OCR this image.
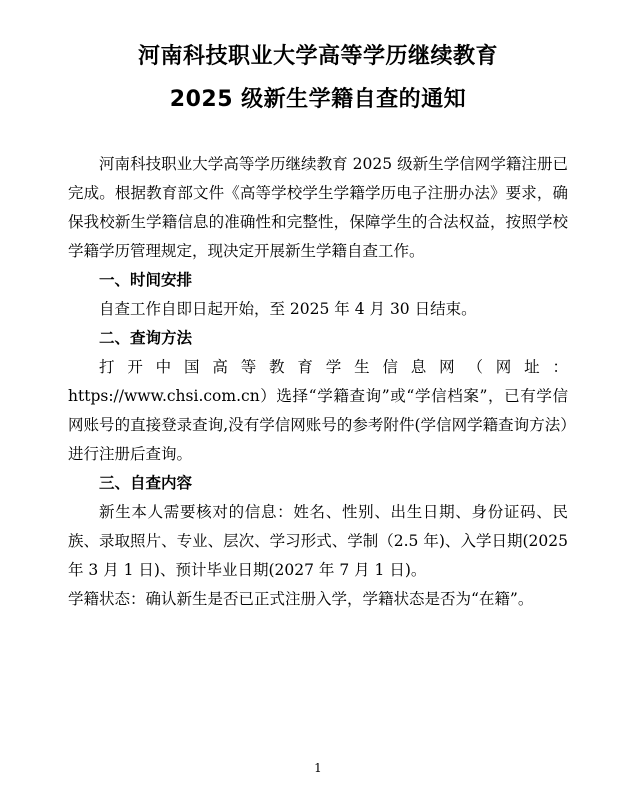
河南科技职业大学高等学历继续教育
2025 级新生学籍自查的通知

河南科技职业大学高等学历继续教育 2025 级新生学信网学籍注册已完成。根据教育部文件《高等学校学生学籍学历电子注册办法》要求，确保我校新生学籍信息的准确性和完整性，保障学生的合法权益，按照学校学籍学历管理规定，现决定开展新生学籍自查工作。

一、时间安排

自查工作自即日起开始，至 2025 年 4 月 30 日结束。

二、查询方法

打开中国高等教育学生信息网（网址：

https://www.chsi.com.cn）选择“学籍查询”或“学信档案”，已有学信网账号的直接登录查询,没有学信网账号的参考附件(学信网学籍查询方法）进行注册后查询。

三、自查内容

新生本人需要核对的信息：姓名、性别、出生日期、身份证码、民族、录取照片、专业、层次、学习形式、学制（2.5 年)、入学日期(2025 年 3 月 1 日)、预计毕业日期(2027 年 7 月 1 日)。

学籍状态：确认新生是否已正式注册入学，学籍状态是否为“在籍”。

1
